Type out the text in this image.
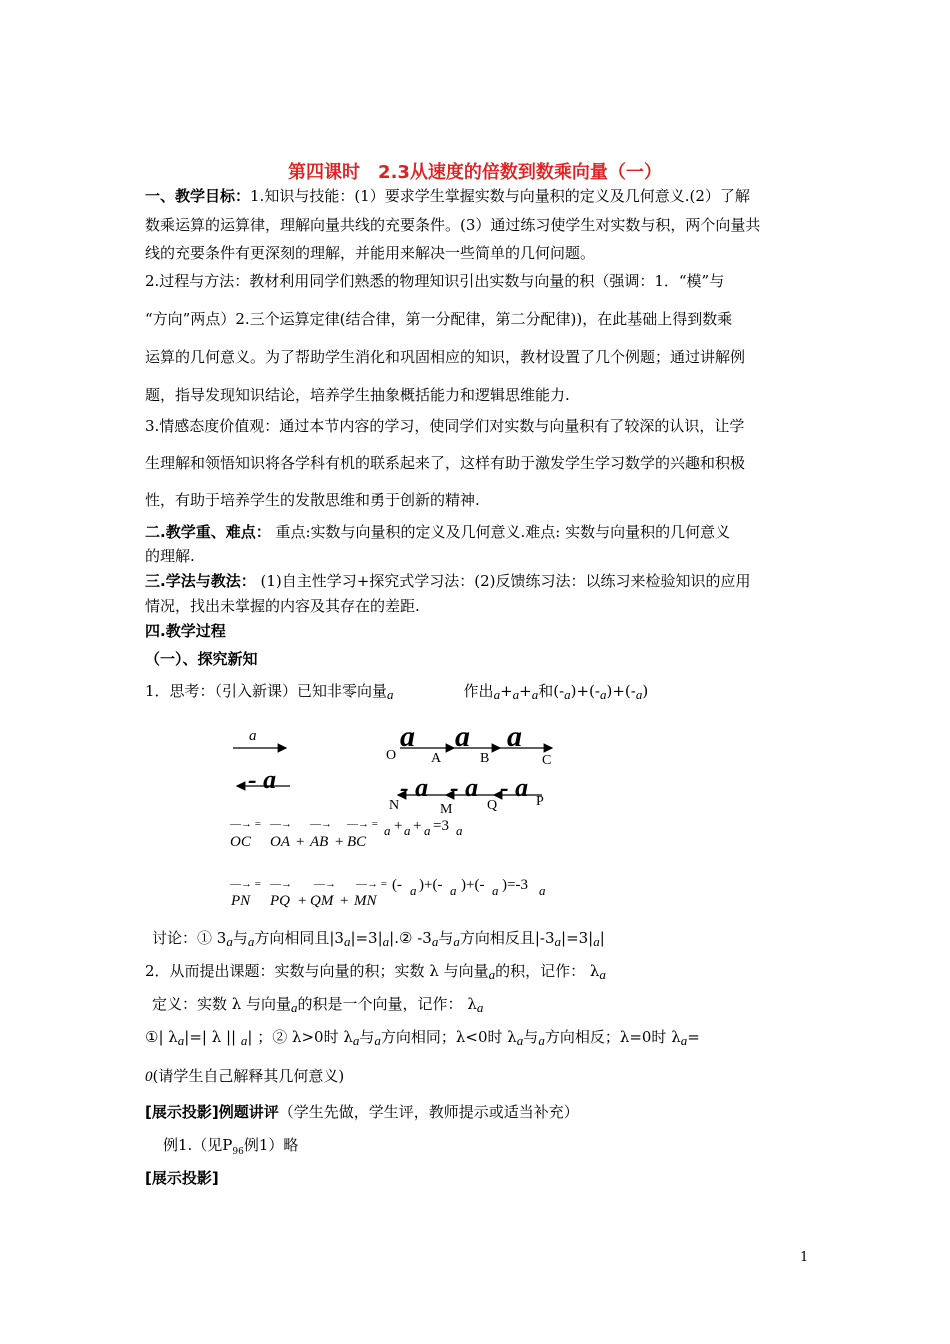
第四课时　2.3从速度的倍数到数乘向量（一）
一、教学目标：1.知识与技能：(1）要求学生掌握实数与向量积的定义及几何意义.(2）了解
数乘运算的运算律，理解向量共线的充要条件。(3）通过练习使学生对实数与积，两个向量共
线的充要条件有更深刻的理解，并能用来解决一些简单的几何问题。
2.过程与方法：教材利用同学们熟悉的物理知识引出实数与向量的积（强调：1．“模”与
“方向”两点）2.三个运算定律(结合律，第一分配律，第二分配律))，在此基础上得到数乘
运算的几何意义。为了帮助学生消化和巩固相应的知识，教材设置了几个例题；通过讲解例
题，指导发现知识结论，培养学生抽象概括能力和逻辑思维能力.
3.情感态度价值观：通过本节内容的学习，使同学们对实数与向量积有了较深的认识，让学
生理解和领悟知识将各学科有机的联系起来了，这样有助于激发学生学习数学的兴趣和积极
性，有助于培养学生的发散思维和勇于创新的精神.
二.教学重、难点： 重点:实数与向量积的定义及几何意义.难点: 实数与向量积的几何意义
的理解.
三.学法与教法： (1)自主性学习+探究式学习法：(2)反馈练习法：以练习来检验知识的应用
情况，找出未掌握的内容及其存在的差距.
四.教学过程
（一）、探究新知
1．思考：（引入新课）已知非零向量a	作出a+a+a和(-a)+(-a)+(-a)
a
- a
a a a
O A	B	C
- a - a - a
N	M Q	P
—→ = —→ —→ —→ =
OC OA + AB + BC
a + a + a =3 a
—→ = —→ —→ —→ =
PN PQ + QM + MN
(- a )+(- a )+(- a )=-3 a
讨论：① 3a与a方向相同且|3a|=3|a|.② -3a与a方向相反且|-3a|=3|a|
2．从而提出课题：实数与向量的积；实数 λ 与向量a的积，记作： λa
定义：实数 λ 与向量a的积是一个向量，记作： λa
①| λa|=| λ || a| ；② λ>0时 λa与a方向相同；λ<0时 λa与a方向相反；λ=0时 λa=
0(请学生自己解释其几何意义)
[展示投影]例题讲评（学生先做，学生评，教师提示或适当补充）
例1.（见$P_{96}$例1）略
[展示投影]
1
